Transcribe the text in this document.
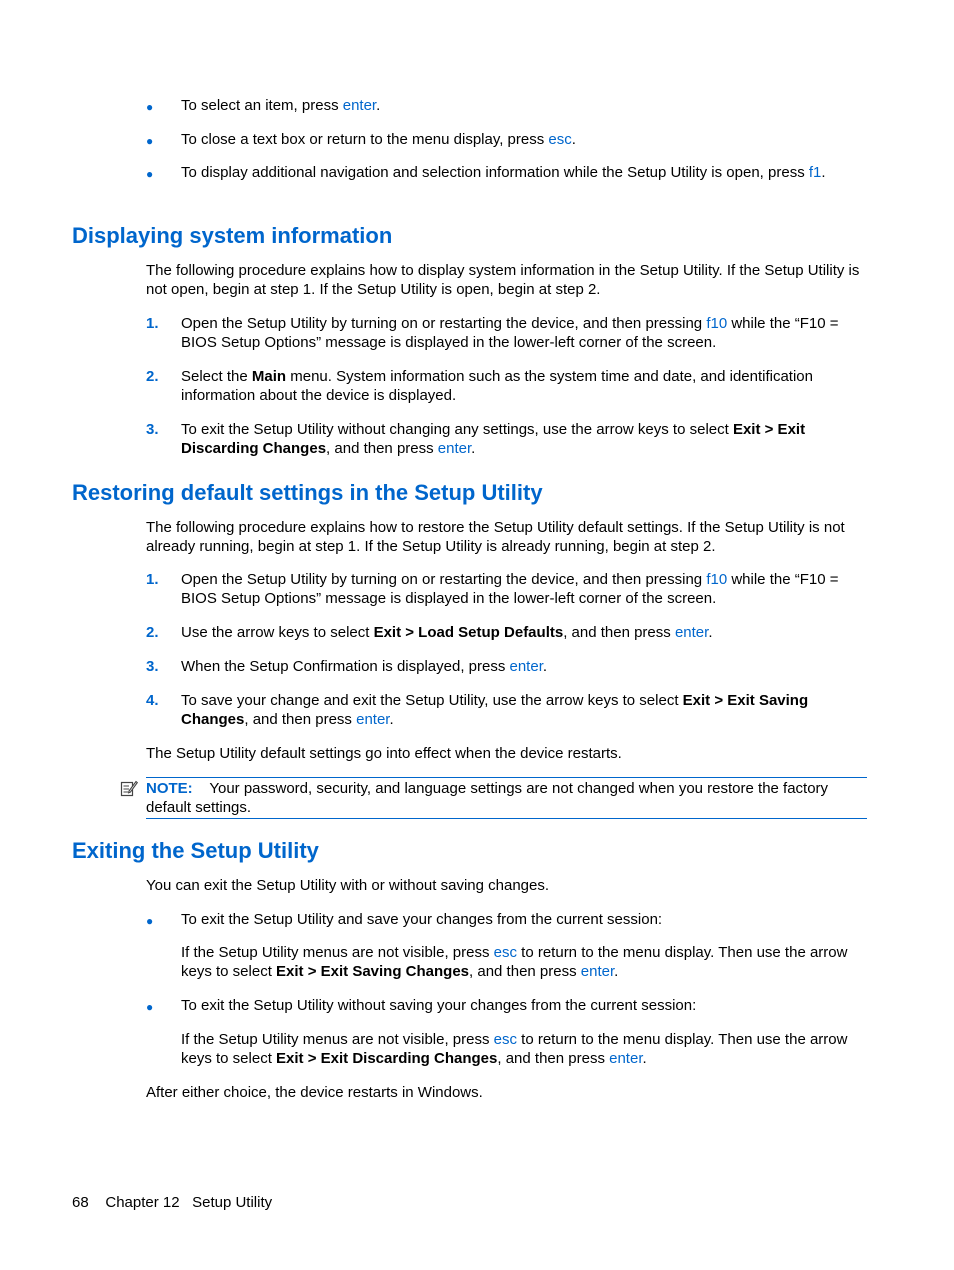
● To select an item, press enter.
● To close a text box or return to the menu display, press esc.
● To display additional navigation and selection information while the Setup Utility is open, press f1.
Displaying system information
The following procedure explains how to display system information in the Setup Utility. If the Setup Utility is not open, begin at step 1. If the Setup Utility is open, begin at step 2.
1. Open the Setup Utility by turning on or restarting the device, and then pressing f10 while the “F10 = BIOS Setup Options” message is displayed in the lower-left corner of the screen.
2. Select the Main menu. System information such as the system time and date, and identification information about the device is displayed.
3. To exit the Setup Utility without changing any settings, use the arrow keys to select Exit > Exit Discarding Changes, and then press enter.
Restoring default settings in the Setup Utility
The following procedure explains how to restore the Setup Utility default settings. If the Setup Utility is not already running, begin at step 1. If the Setup Utility is already running, begin at step 2.
1. Open the Setup Utility by turning on or restarting the device, and then pressing f10 while the “F10 = BIOS Setup Options” message is displayed in the lower-left corner of the screen.
2. Use the arrow keys to select Exit > Load Setup Defaults, and then press enter.
3. When the Setup Confirmation is displayed, press enter.
4. To save your change and exit the Setup Utility, use the arrow keys to select Exit > Exit Saving Changes, and then press enter.
The Setup Utility default settings go into effect when the device restarts.
NOTE: Your password, security, and language settings are not changed when you restore the factory default settings.
Exiting the Setup Utility
You can exit the Setup Utility with or without saving changes.
● To exit the Setup Utility and save your changes from the current session:
If the Setup Utility menus are not visible, press esc to return to the menu display. Then use the arrow keys to select Exit > Exit Saving Changes, and then press enter.
● To exit the Setup Utility without saving your changes from the current session:
If the Setup Utility menus are not visible, press esc to return to the menu display. Then use the arrow keys to select Exit > Exit Discarding Changes, and then press enter.
After either choice, the device restarts in Windows.
68 Chapter 12 Setup Utility
